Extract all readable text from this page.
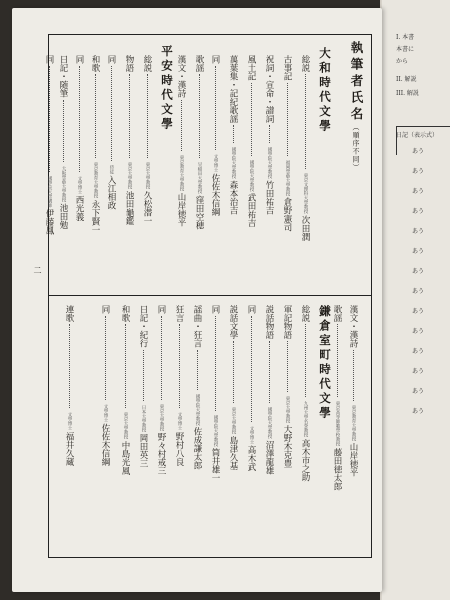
I. 本書
本書に
から
II. 解説
III. 解説
日記（表示式）
あう
あう
あう
あう
あう
あう
あう
あう
あう
あう
あう
あう
あう
あう
二
執筆者氏名（順序不同）
大和時代文學
平安時代文學
鎌倉室町時代文學
総説東京文理科大學教授次田潤
古事記福岡學藝大學教授倉野憲司
祝詞・宣命・譜詞國學院大學教授竹田祐吉
風土記國學院大學教授武田祐吉
萬葉集・記紀歌謡國學院大學教授森本治吉
同文學博士佐佐木信綱
歌謡早稲田大學教授窪田空穂
漢文・漢詩東京教育大學教授山岸徳平
総説東京大學教授久松潜一
物語東京大學教授池田龜鑑
同侍従入江相政
和歌東京教育大學教授永下賢一
同文學博士西光義
日記・随筆大阪學藝大學教授池田勉
同國學院大學講師伊藤鳳
漢文・漢詩東京教育大學教授山岸徳平
歌謡東京高等師範學校教授藤田徳太郎
総説九州大學名誉教授高木市之助
軍記物語東京大學教授大野木克豊
説話物語國學院大學教授沼澤龍雄
同文學博士高木武
説話文學東京大學教授島津久基
同國學院大學教授筒井雄一
謡曲・狂言國學院大學教授佐成謙太郎
狂言文學博士野村八良
同東京大學教授野々村戒三
日記・紀行日本大學教授岡田英三
和歌東京大學教授中島光風
同文學博士佐佐木信綱
連歌文學博士福井久蔵
